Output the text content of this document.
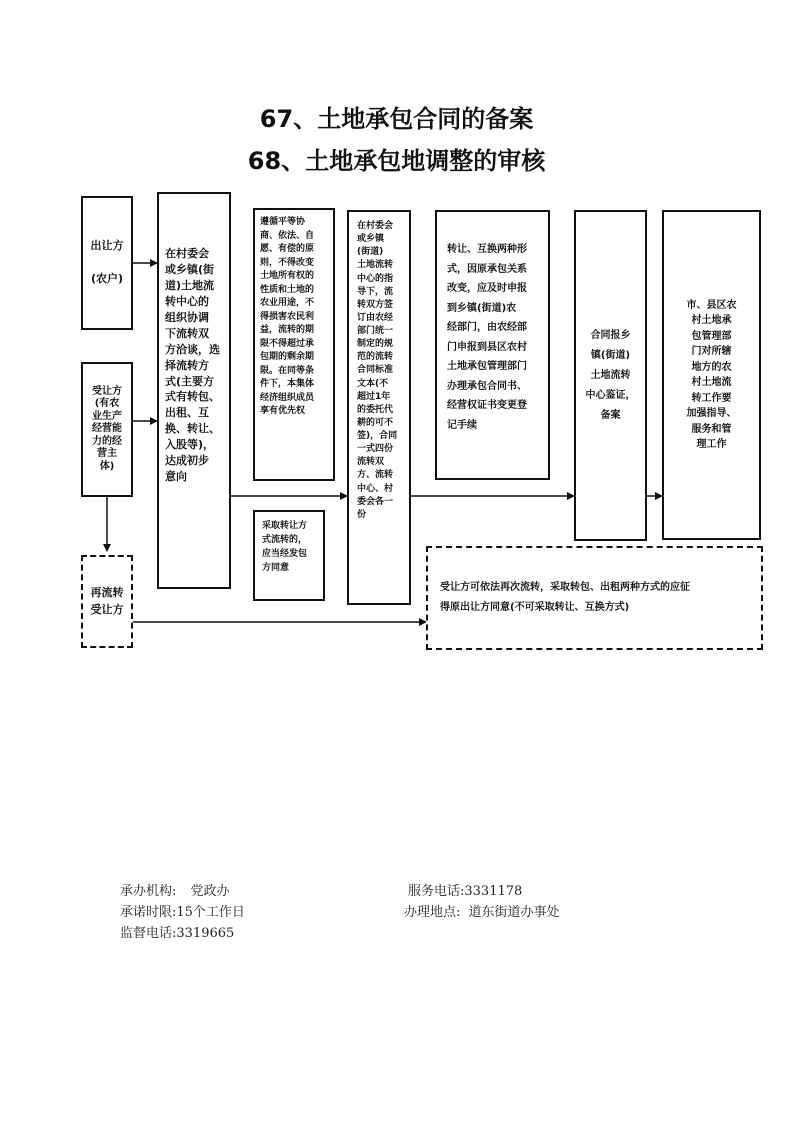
67、土地承包合同的备案
68、土地承包地调整的审核
出让方

(农户)
受让方
(有农
业生产
经营能
力的经
营主
体)
再流转
受让方
在村委会
或乡镇(街
道)土地流
转中心的
组织协调
下流转双
方洽谈，选
择流转方
式(主要方
式有转包、
出租、互
换、转让、
入股等)，
达成初步
意向
遵循平等协
商、依法、自
愿、有偿的原
则，不得改变
土地所有权的
性质和土地的
农业用途，不
得损害农民利
益，流转的期
限不得超过承
包期的剩余期
限。在同等条
件下，本集体
经济组织成员
享有优先权
采取转让方
式流转的，
应当经发包
方同意
在村委会
或乡镇
(街道)
土地流转
中心的指
导下，流
转双方签
订由农经
部门统一
制定的规
范的流转
合同标准
文本(不
超过1年
的委托代
耕的可不
签)，合同
一式四份
流转双
方、流转
中心、村
委会各一
份
转让、互换两种形
式，因原承包关系
改变，应及时申报
到乡镇(街道)农
经部门，由农经部
门申报到县区农村
土地承包管理部门
办理承包合同书、
经营权证书变更登
记手续
合同报乡
镇(街道)
土地流转
中心鉴证，
备案
市、县区农
村土地承
包管理部
门对所辖
地方的农
村土地流
转工作要
加强指导、
服务和管
理工作
受让方可依法再次流转，采取转包、出租两种方式的应征
得原出让方同意(不可采取转让、互换方式)
承办机构: 党政办	服务电话:3331178
承诺时限:15个工作日	办理地点: 道东街道办事处
监督电话:3319665
